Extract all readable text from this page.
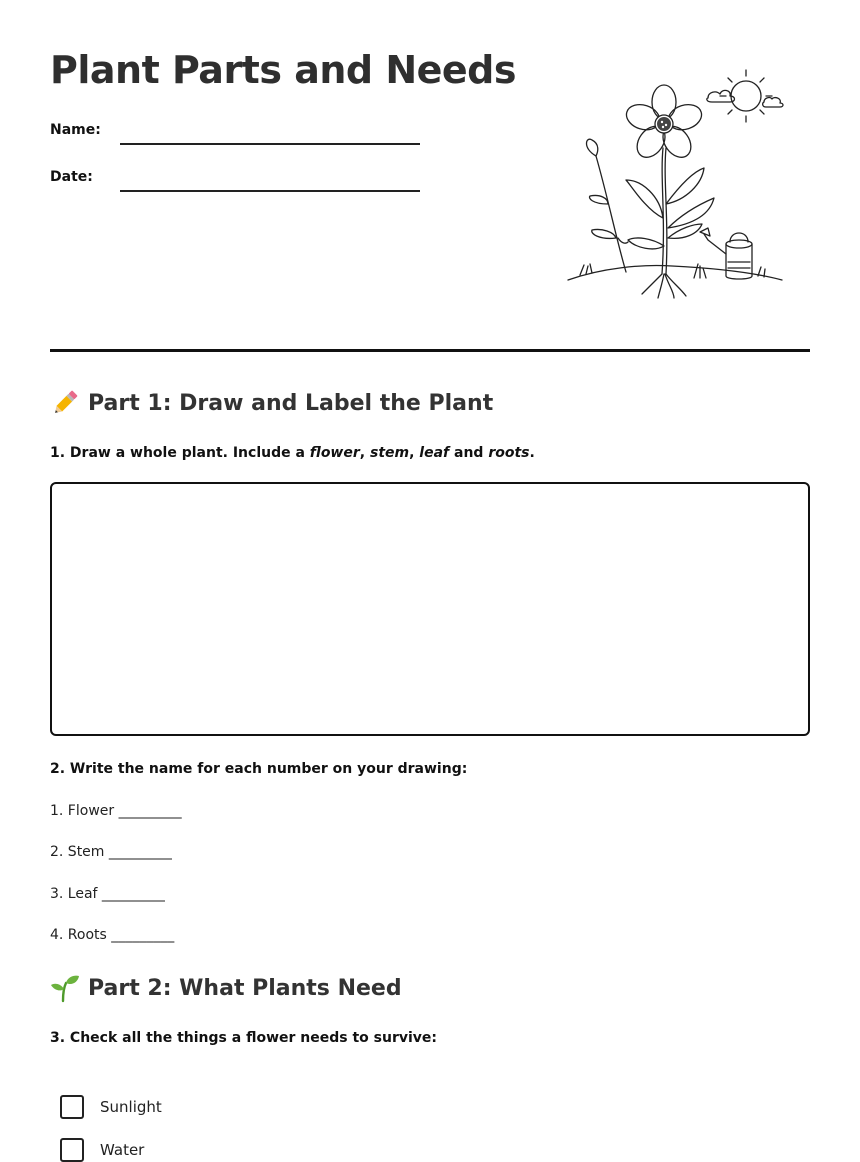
Plant Parts and Needs
Name:
Date:
Part 1: Draw and Label the Plant
1. Draw a whole plant. Include a flower, stem, leaf and roots.
2. Write the name for each number on your drawing:
1. Flower _________
2. Stem _________
3. Leaf _________
4. Roots _________
Part 2: What Plants Need
3. Check all the things a flower needs to survive:
Sunlight
Water
